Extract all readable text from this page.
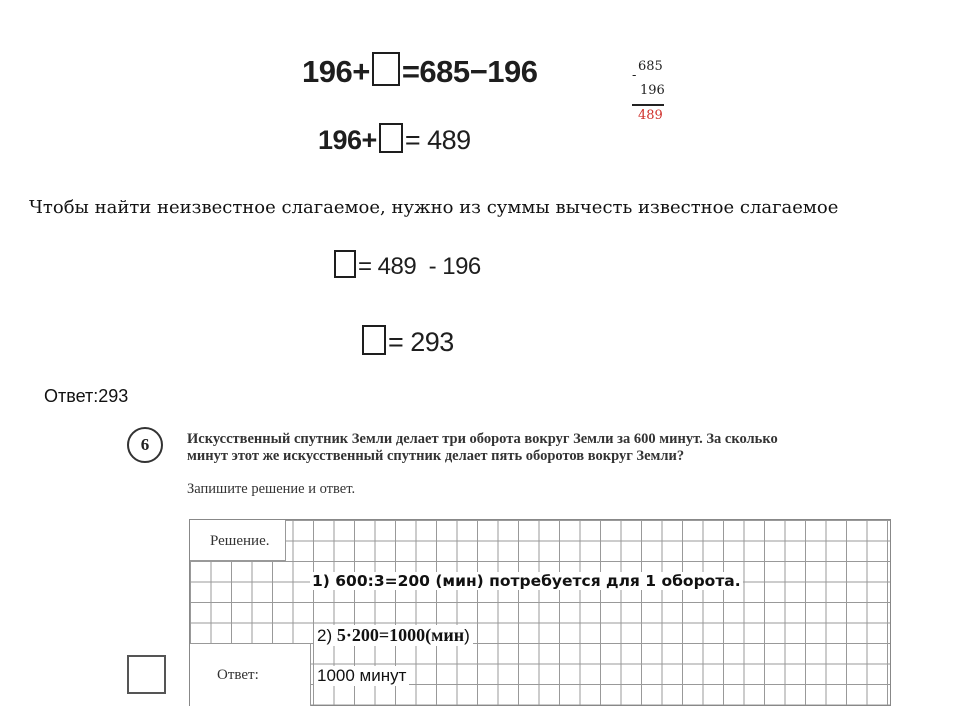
196+ =685−196
196+ = 489
-
685
196
489
Чтобы найти неизвестное слагаемое, нужно из суммы вычесть известное слагаемое
= 489 - 196
= 293
Ответ:293
6	Искусственный спутник Земли делает три оборота вокруг Земли за 600 минут. За сколько
минут этот же искусственный спутник делает пять оборотов вокруг Земли?
Запишите решение и ответ.
Решение.
Ответ:
1) 600:3=200 (мин) потребуется для 1 оборота.
2) 5·200=1000(мин)
1000 минут
